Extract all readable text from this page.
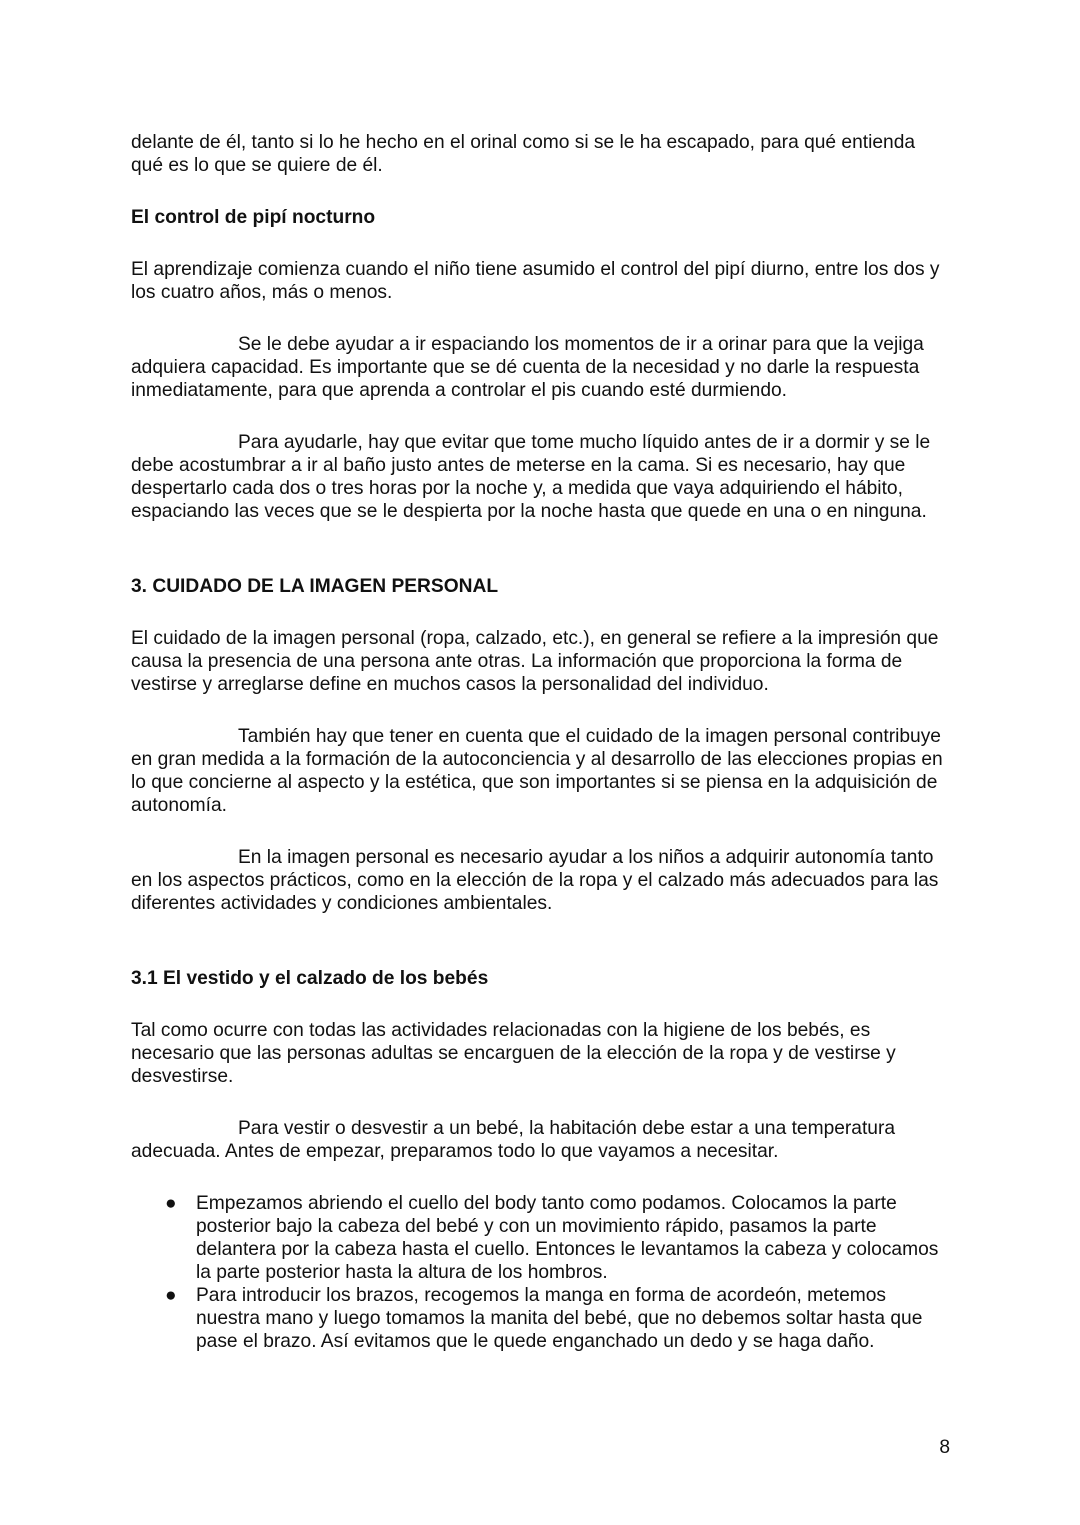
delante de él, tanto si lo he hecho en el orinal como si se le ha escapado, para qué entienda qué es lo que se quiere de él.

El control de pipí nocturno

El aprendizaje comienza cuando el niño tiene asumido el control del pipí diurno, entre los dos y los cuatro años, más o menos.

Se le debe ayudar a ir espaciando los momentos de ir a orinar para que la vejiga adquiera capacidad. Es importante que se dé cuenta de la necesidad y no darle la respuesta inmediatamente, para que aprenda a controlar el pis cuando esté durmiendo.

Para ayudarle, hay que evitar que tome mucho líquido antes de ir a dormir y se le debe acostumbrar a ir al baño justo antes de meterse en la cama. Si es necesario, hay que despertarlo cada dos o tres horas por la noche y, a medida que vaya adquiriendo el hábito, espaciando las veces que se le despierta por la noche hasta que quede en una o en ninguna.

3. CUIDADO DE LA IMAGEN PERSONAL

El cuidado de la imagen personal (ropa, calzado, etc.), en general se refiere a la impresión que causa la presencia de una persona ante otras. La información que proporciona la forma de vestirse y arreglarse define en muchos casos la personalidad del individuo.

También hay que tener en cuenta que el cuidado de la imagen personal contribuye en gran medida a la formación de la autoconciencia y al desarrollo de las elecciones propias en lo que concierne al aspecto y la estética, que son importantes si se piensa en la adquisición de autonomía.

En la imagen personal es necesario ayudar a los niños a adquirir autonomía tanto en los aspectos prácticos, como en la elección de la ropa y el calzado más adecuados para las diferentes actividades y condiciones ambientales.

3.1 El vestido y el calzado de los bebés

Tal como ocurre con todas las actividades relacionadas con la higiene de los bebés, es necesario que las personas adultas se encarguen de la elección de la ropa y de vestirse y desvestirse.

Para vestir o desvestir a un bebé, la habitación debe estar a una temperatura adecuada. Antes de empezar, preparamos todo lo que vayamos a necesitar.

● Empezamos abriendo el cuello del body tanto como podamos. Colocamos la parte posterior bajo la cabeza del bebé y con un movimiento rápido, pasamos la parte delantera por la cabeza hasta el cuello. Entonces le levantamos la cabeza y colocamos la parte posterior hasta la altura de los hombros.
● Para introducir los brazos, recogemos la manga en forma de acordeón, metemos nuestra mano y luego tomamos la manita del bebé, que no debemos soltar hasta que pase el brazo. Así evitamos que le quede enganchado un dedo y se haga daño.
8
